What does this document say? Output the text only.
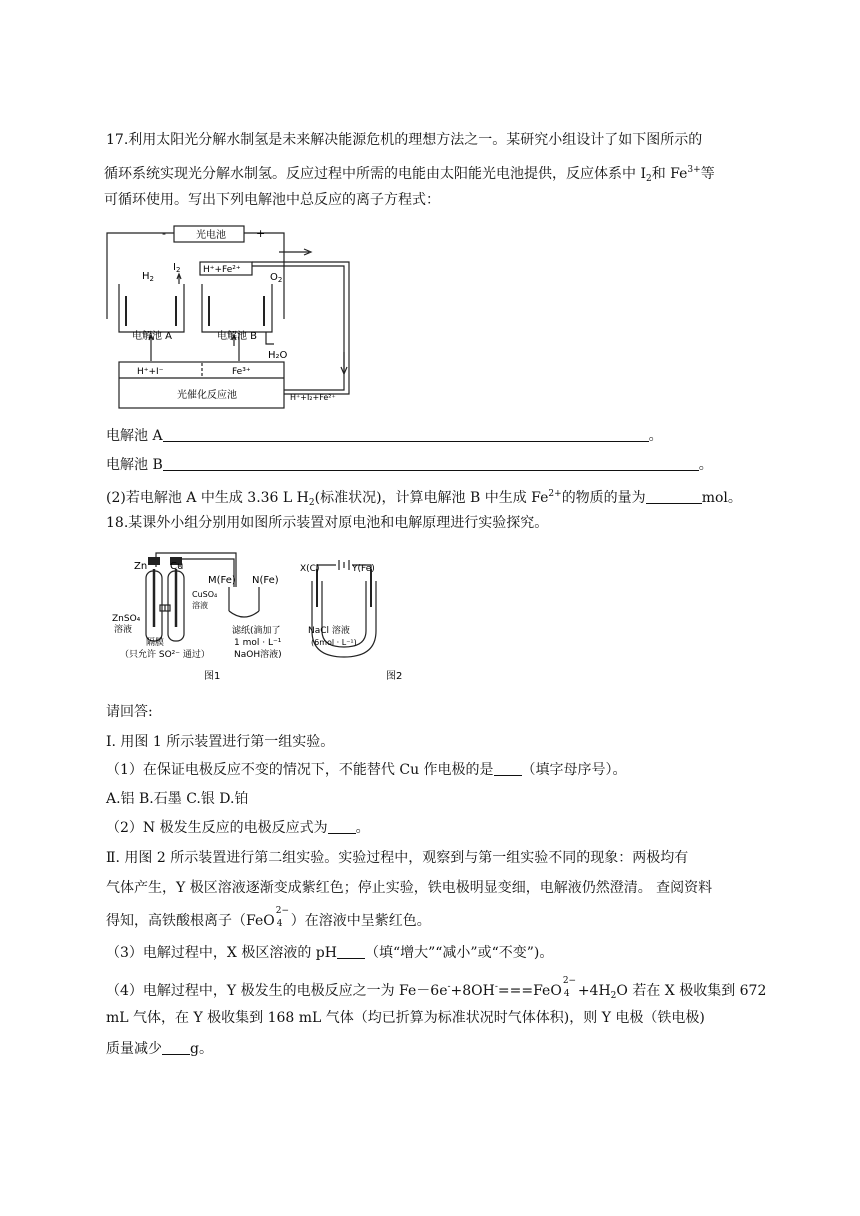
17.利用太阳光分解水制氢是未来解决能源危机的理想方法之一。某研究小组设计了如下图所示的
循环系统实现光分解水制氢。反应过程中所需的电能由太阳能光电池提供，反应体系中 $I_2$和 $Fe^{3+}$等
可循环使用。写出下列电解池中总反应的离子方程式：
-	+
光电池
$H_2$
$I_2$	H⁺+Fe²⁺
$O_2$
电解池 A	电解池 B
H₂O
H⁺+I⁻	Fe³⁺
光催化反应池	H⁺+I₂+Fe²⁺
电解池 A	。
电解池 B	。
(2)若电解池 A 中生成 3.36 L $H_2$(标准状况)，计算电解池 B 中生成 $Fe^{2+}$的物质的量为	mol。
18.某课外小组分别用如图所示装置对原电池和电解原理进行实验探究。
Zn Cu
M(Fe) N(Fe)
CuSO₄
溶液
ZnSO₄
溶液
隔膜
（只允许 SO²⁻ 通过）
滤纸(滴加了
1 mol · L⁻¹
NaOH溶液)
图1
X(C)	Y(Fe)
NaCl 溶液
(6mol · L⁻¹)
图2
请回答:
Ⅰ. 用图 1 所示装置进行第一组实验。
（1）在保证电极反应不变的情况下，不能替代 Cu 作电极的是 （填字母序号）。
A.铝 B.石墨 C.银 D.铂
（2）N 极发生反应的电极反应式为 。
Ⅱ. 用图 2 所示装置进行第二组实验。实验过程中，观察到与第一组实验不同的现象：两极均有
气体产生，Y 极区溶液逐渐变成紫红色；停止实验，铁电极明显变细，电解液仍然澄清。 查阅资料
得知，高铁酸根离子（FeO
2−
4 ）在溶液中呈紫红色。
（3）电解过程中，X 极区溶液的 pH （填“增大”“减小”或“不变”)。
（4）电解过程中，Y 极发生的电极反应之一为 Fe－6e-+8OH-===FeO
2−
$4 +4H_2O$ 若在 X 极收集到 672
mL 气体，在 Y 极收集到 168 mL 气体（均已折算为标准状况时气体体积)，则 Y 电极（铁电极)
质量减少 g。
